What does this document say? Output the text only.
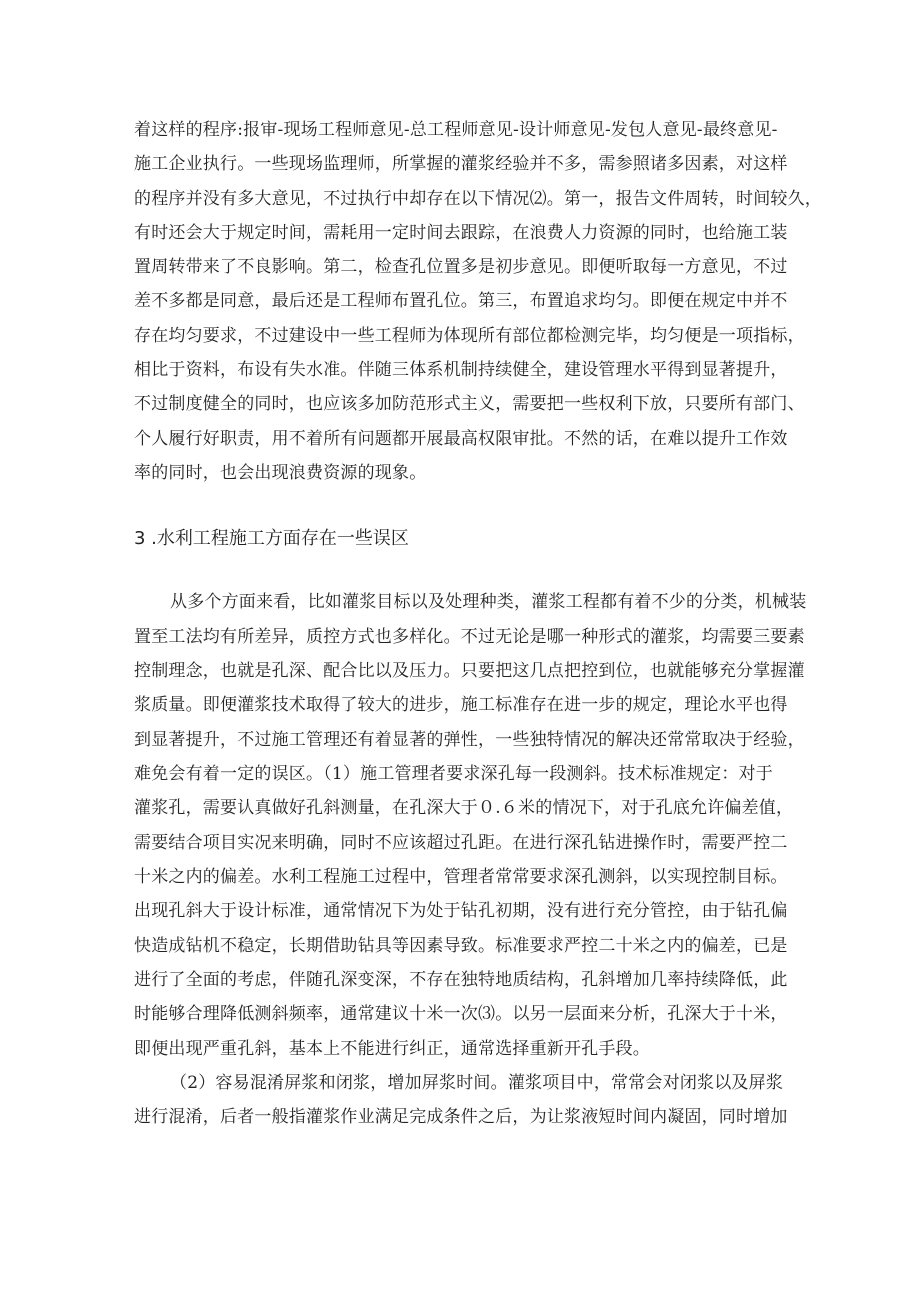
着这样的程序:报审-现场工程师意见-总工程师意见-设计师意见-发包人意见-最终意见-
施工企业执行。一些现场监理师，所掌握的灌浆经验并不多，需参照诸多因素，对这样
的程序并没有多大意见，不过执行中却存在以下情况⑵。第一，报告文件周转，时间较久，
有时还会大于规定时间，需耗用一定时间去跟踪，在浪费人力资源的同时，也给施工装
置周转带来了不良影响。第二，检查孔位置多是初步意见。即便听取每一方意见，不过
差不多都是同意，最后还是工程师布置孔位。第三，布置追求均匀。即便在规定中并不
存在均匀要求，不过建设中一些工程师为体现所有部位都检测完毕，均匀便是一项指标，
相比于资料，布设有失水准。伴随三体系机制持续健全，建设管理水平得到显著提升，
不过制度健全的同时，也应该多加防范形式主义，需要把一些权利下放，只要所有部门、
个人履行好职责，用不着所有问题都开展最高权限审批。不然的话，在难以提升工作效
率的同时，也会出现浪费资源的现象。
3 .水利工程施工方面存在一些误区
从多个方面来看，比如灌浆目标以及处理种类，灌浆工程都有着不少的分类，机械装
置至工法均有所差异，质控方式也多样化。不过无论是哪一种形式的灌浆，均需要三要素
控制理念，也就是孔深、配合比以及压力。只要把这几点把控到位，也就能够充分掌握灌
浆质量。即便灌浆技术取得了较大的进步，施工标准存在进一步的规定，理论水平也得
到显著提升，不过施工管理还有着显著的弹性，一些独特情况的解决还常常取决于经验，
难免会有着一定的误区。（1）施工管理者要求深孔每一段测斜。技术标准规定：对于
灌浆孔，需要认真做好孔斜测量，在孔深大于０.６米的情况下，对于孔底允许偏差值，
需要结合项目实况来明确，同时不应该超过孔距。在进行深孔钻进操作时，需要严控二
十米之内的偏差。水利工程施工过程中，管理者常常要求深孔测斜，以实现控制目标。
出现孔斜大于设计标准，通常情况下为处于钻孔初期，没有进行充分管控，由于钻孔偏
快造成钻机不稳定，长期借助钻具等因素导致。标准要求严控二十米之内的偏差，已是
进行了全面的考虑，伴随孔深变深，不存在独特地质结构，孔斜增加几率持续降低，此
时能够合理降低测斜频率，通常建议十米一次⑶。以另一层面来分析，孔深大于十米，
即便出现严重孔斜，基本上不能进行纠正，通常选择重新开孔手段。
（2）容易混淆屏浆和闭浆，增加屏浆时间。灌浆项目中，常常会对闭浆以及屏浆
进行混淆，后者一般指灌浆作业满足完成条件之后，为让浆液短时间内凝固，同时增加
